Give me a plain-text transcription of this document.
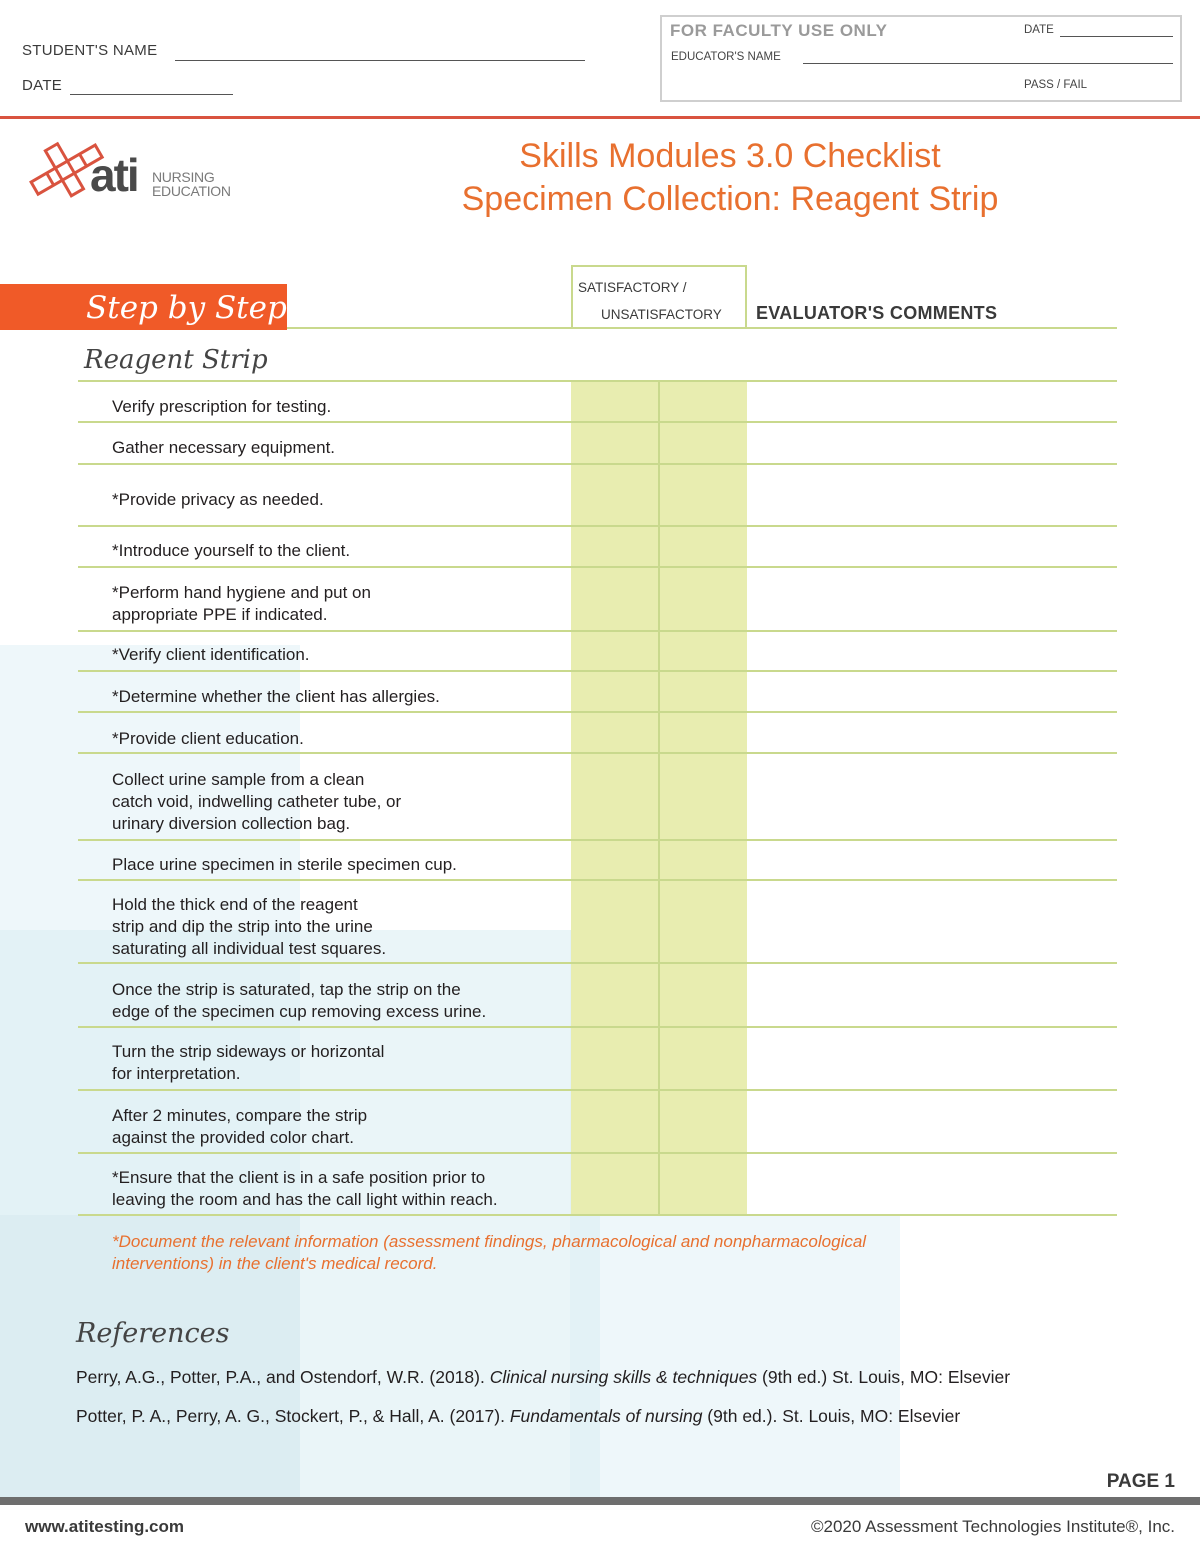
STUDENT'S NAME
DATE
FOR FACULTY USE ONLY	DATE
EDUCATOR'S NAME
PASS / FAIL
ati NURSING
EDUCATION
Skills Modules 3.0 Checklist
Specimen Collection: Reagent Strip
Step by Step
SATISFACTORY /
UNSATISFACTORY EVALUATOR'S COMMENTS
Reagent Strip
Verify prescription for testing.
Gather necessary equipment.
*Provide privacy as needed.
*Introduce yourself to the client.
*Perform hand hygiene and put on
appropriate PPE if indicated.
*Verify client identification.
*Determine whether the client has allergies.
*Provide client education.
Collect urine sample from a clean
catch void, indwelling catheter tube, or
urinary diversion collection bag.
Place urine specimen in sterile specimen cup.
Hold the thick end of the reagent
strip and dip the strip into the urine
saturating all individual test squares.
Once the strip is saturated, tap the strip on the
edge of the specimen cup removing excess urine.
Turn the strip sideways or horizontal
for interpretation.
After 2 minutes, compare the strip
against the provided color chart.
*Ensure that the client is in a safe position prior to
leaving the room and has the call light within reach.
*Document the relevant information (assessment findings, pharmacological and nonpharmacological interventions) in the client's medical record.
References
Perry, A.G., Potter, P.A., and Ostendorf, W.R. (2018). Clinical nursing skills & techniques (9th ed.) St. Louis, MO: Elsevier
Potter, P. A., Perry, A. G., Stockert, P., & Hall, A. (2017). Fundamentals of nursing (9th ed.). St. Louis, MO: Elsevier
PAGE 1
www.atitesting.com	©2020 Assessment Technologies Institute®, Inc.
